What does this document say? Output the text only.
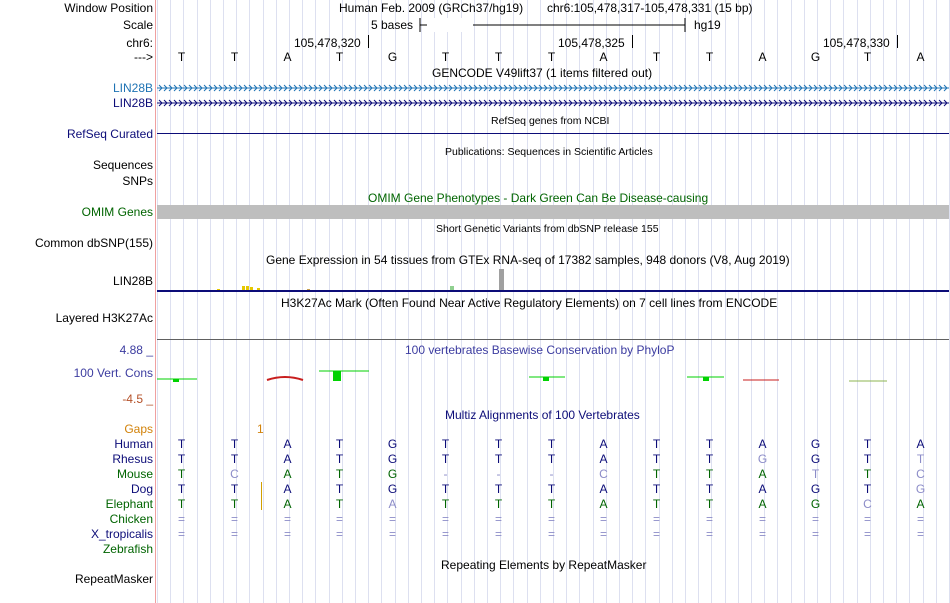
Window Position	Human Feb. 2009 (GRCh37/hg19) chr6:105,478,317-105,478,331 (15 bp)
Scale	5 bases	hg19
chr6:	105,478,320	105,478,325	105,478,330
--->	T	T	A	T	G	T	T	T	A	T	T	A	G	T	A
GENCODE V49lift37 (1 items filtered out)
LIN28B
LIN28B
RefSeq genes from NCBI
RefSeq Curated
Publications: Sequences in Scientific Articles
Sequences
SNPs
OMIM Gene Phenotypes - Dark Green Can Be Disease-causing
OMIM Genes
Short Genetic Variants from dbSNP release 155
Common dbSNP(155)
Gene Expression in 54 tissues from GTEx RNA-seq of 17382 samples, 948 donors (V8, Aug 2019)
LIN28B
H3K27Ac Mark (Often Found Near Active Regulatory Elements) on 7 cell lines from ENCODE
Layered H3K27Ac
4.88 _	100 vertebrates Basewise Conservation by PhyloP
100 Vert. Cons
-4.5 _
Multiz Alignments of 100 Vertebrates
Gaps	1
Human	T	T	A	T	G	T	T	T	A	T	T	A	G	T	A
Rhesus	T	T	A	T	G	T	T	T	A	T	T	G	G	T	T
Mouse	T	C	A	T	G	-	-	-	C	T	T	A	T	T	C
Dog	T	T	A	T	G	T	T	T	A	T	T	A	G	T	G
Elephant	T	T	A	T	A	T	T	T	A	T	T	A	G	C	A
Chicken	=	=	=	=	=	=	=	=	=	=	=	=	=	=	=
X_tropicalis	=	=	=	=	=	=	=	=	=	=	=	=	=	=	=
Zebrafish
Repeating Elements by RepeatMasker
RepeatMasker
